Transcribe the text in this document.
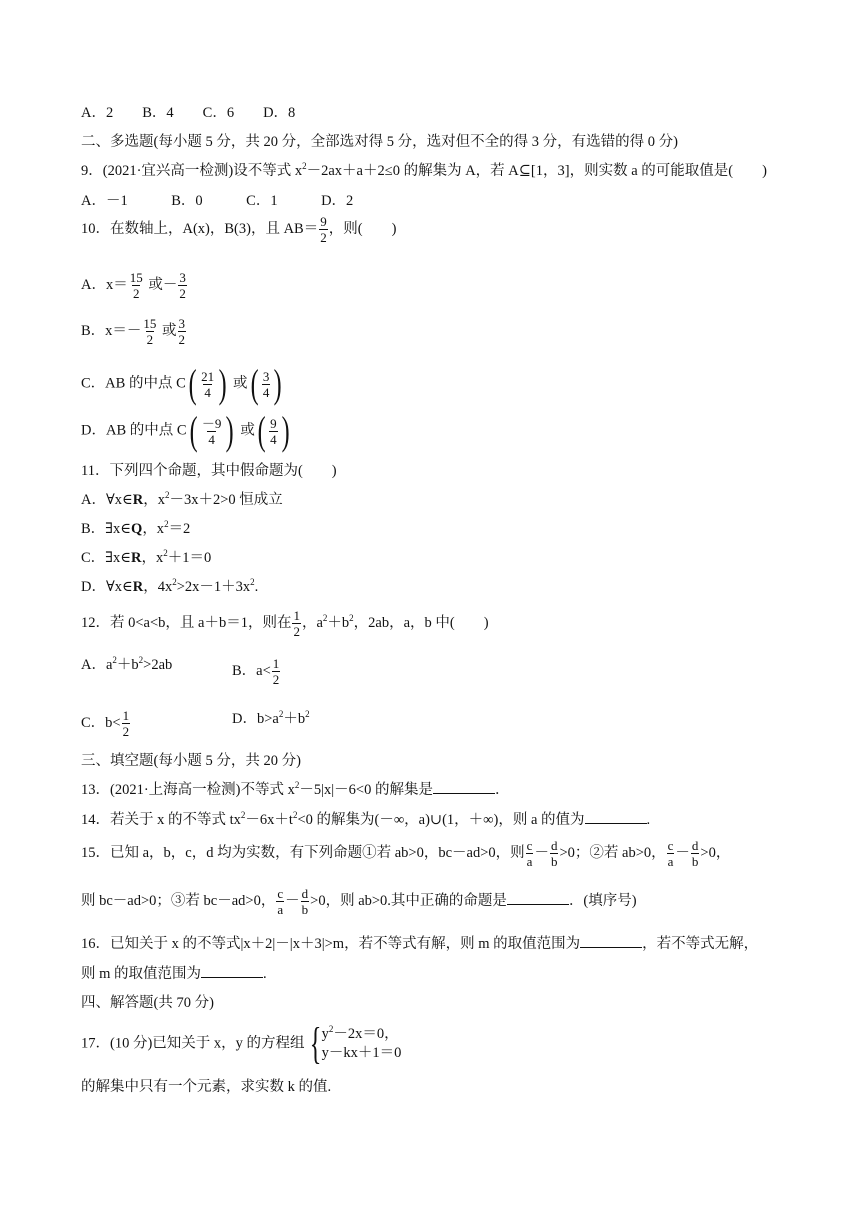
A．2　　B．4　　C．6　　D．8
二、多选题(每小题 5 分，共 20 分，全部选对得 5 分，选对但不全的得 3 分，有选错的得 0 分)
9．(2021·宜兴高一检测)设不等式 $x^2-2ax+a+2\le 0$ 的解集为 A，若 A⊆[1，3]，则实数 a 的可能取值是(　　)
A．－1　　　B．0　　　C．1　　　D．2
10．在数轴上，A(x)，B(3)，且 $AB= \frac{9}{2}$ ，则(　　)
A．$x= \frac{15}{2}$ 或－ $\frac{3}{2}$
B．$x=- \frac{15}{2}$ 或 $\frac{3}{2}$
C．AB 的中点 C ( $\frac{21}{4}$ ) 或 ( $\frac{3}{4}$ )
D．AB 的中点 C ( $\frac{-9}{4}$ ) 或 ( $\frac{9}{4}$ )
11．下列四个命题，其中假命题为(　　)
A．∀x∈R，$x^2-3x+2>0$ 恒成立
B．∃x∈Q，$x^2=2$
C．∃x∈R，$x^2+1=0$
D．∀x∈R，$4x^2>2x-1+3x^2$.
12．若 0<a<b，且 a＋b＝1，则在 $\frac{1}{2}$ ，$a^2+b^2$，2ab，a，b 中(　　)
A．$a^2+b^2>2ab$	B．$a< \frac{1}{2}$
C．$b< \frac{1}{2}$	D．$b>a^2+b^2$
三、填空题(每小题 5 分，共 20 分)
13．(2021·上海高一检测)不等式 $x^2-5|x|-6<0$ 的解集是	．
14．若关于 x 的不等式 $tx^2-6x+t^2<0$ 的解集为(－∞，a)∪(1，＋∞)，则 a 的值为	.
15．已知 a，b，c，d 均为实数，有下列命题①若 ab>0，bc－ad>0，则 $\frac{c}{a} - \frac{d}{b} >0$；②若 ab>0， $\frac{c}{a} - \frac{d}{b} >0$，
则 bc－ad>0；③若 bc－ad>0， $\frac{c}{a} - \frac{d}{b} >0$，则 ab>0.其中正确的命题是	．(填序号)
16．已知关于 x 的不等式|x＋2|－|x＋3|>m，若不等式有解，则 m 的取值范围为	，若不等式无解，
则 m 的取值范围为	.
四、解答题(共 70 分)
17．(10 分)已知关于 x，y 的方程组 { $y^2-2x=0$，
y－kx＋1＝0
的解集中只有一个元素，求实数 k 的值.
